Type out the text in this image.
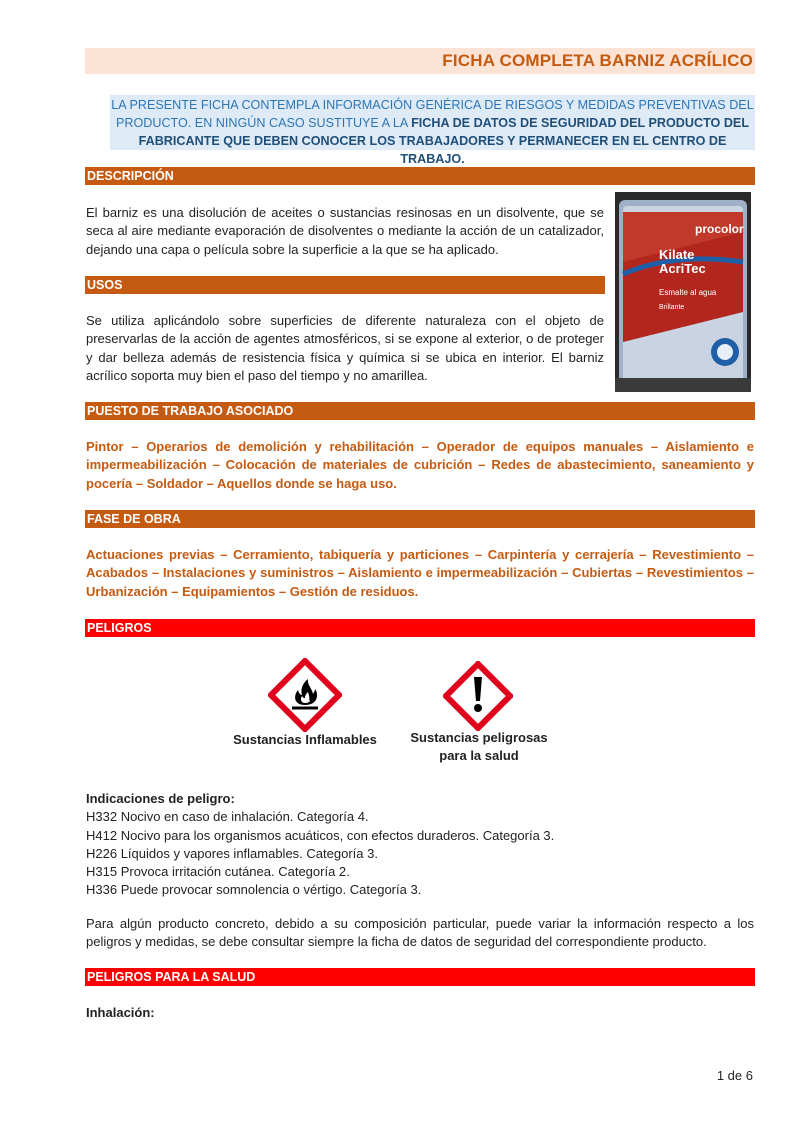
FICHA COMPLETA BARNIZ ACRÍLICO
LA PRESENTE FICHA CONTEMPLA INFORMACIÓN GENÉRICA DE RIESGOS Y MEDIDAS PREVENTIVAS DEL PRODUCTO. EN NINGÚN CASO SUSTITUYE A LA FICHA DE DATOS DE SEGURIDAD DEL PRODUCTO DEL FABRICANTE QUE DEBEN CONOCER LOS TRABAJADORES Y PERMANECER EN EL CENTRO DE TRABAJO.
DESCRIPCIÓN
El barniz es una disolución de aceites o sustancias resinosas en un disolvente, que se seca al aire mediante evaporación de disolventes o mediante la acción de un catalizador, dejando una capa o película sobre la superficie a la que se ha aplicado.
procolor
Kilate
AcriTec
Esmalte al agua
Brillante
USOS
Se utiliza aplicándolo sobre superficies de diferente naturaleza con el objeto de preservarlas de la acción de agentes atmosféricos, si se expone al exterior, o de proteger y dar belleza además de resistencia física y química si se ubica en interior. El barniz acrílico soporta muy bien el paso del tiempo y no amarillea.
PUESTO DE TRABAJO ASOCIADO
Pintor – Operarios de demolición y rehabilitación – Operador de equipos manuales – Aislamiento e impermeabilización – Colocación de materiales de cubrición – Redes de abastecimiento, saneamiento y pocería – Soldador – Aquellos donde se haga uso.
FASE DE OBRA
Actuaciones previas – Cerramiento, tabiquería y particiones – Carpintería y cerrajería – Revestimiento – Acabados – Instalaciones y suministros – Aislamiento e impermeabilización – Cubiertas – Revestimientos – Urbanización – Equipamientos – Gestión de residuos.
PELIGROS
Sustancias Inflamables	Sustancias peligrosas
para la salud
Indicaciones de peligro:
H332 Nocivo en caso de inhalación. Categoría 4.
H412 Nocivo para los organismos acuáticos, con efectos duraderos. Categoría 3.
H226 Líquidos y vapores inflamables. Categoría 3.
H315 Provoca irritación cutánea. Categoría 2.
H336 Puede provocar somnolencia o vértigo. Categoría 3.
Para algún producto concreto, debido a su composición particular, puede variar la información respecto a los peligros y medidas, se debe consultar siempre la ficha de datos de seguridad del correspondiente producto.
PELIGROS PARA LA SALUD
Inhalación:
1 de 6
